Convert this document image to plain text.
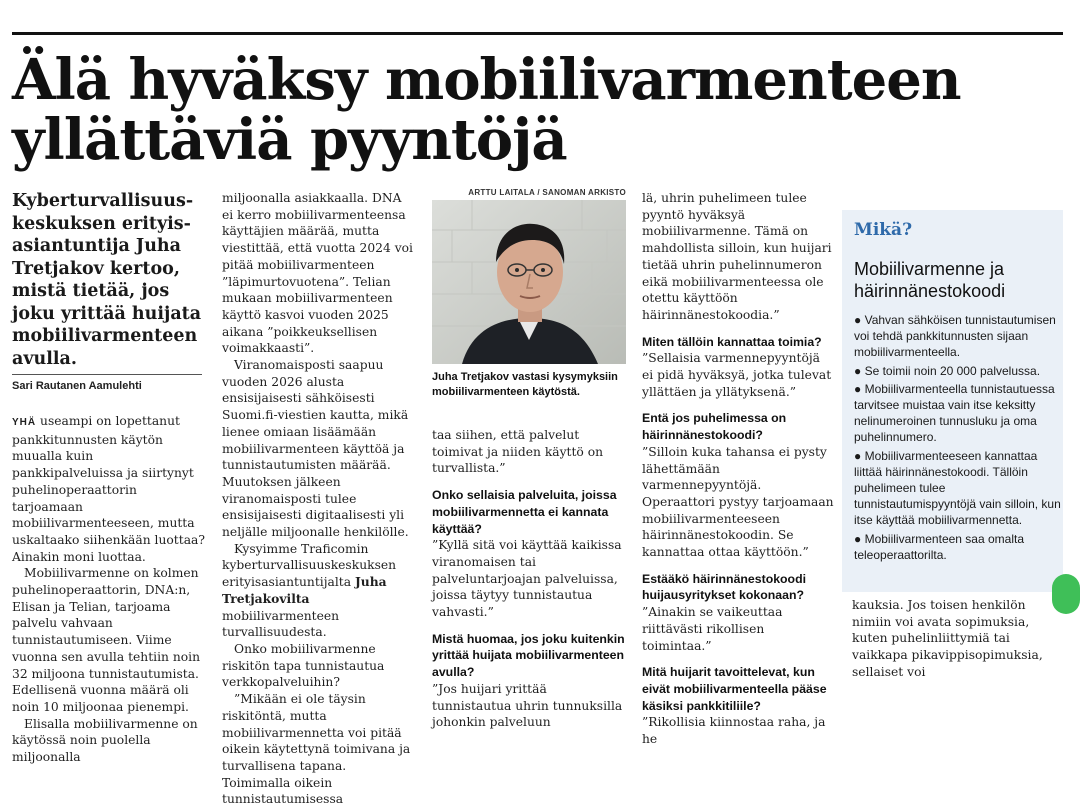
Älä hyväksy mobiilivarmenteen yllättäviä pyyntöjä
Kyberturvallisuuskeskuksen erityisasiantuntija Juha Tretjakov kertoo, mistä tietää, jos joku yrittää huijata mobiilivarmenteen avulla.
Sari Rautanen Aamulehti

YHÄ useampi on lopettanut pankkitunnusten käytön muualla kuin pankkipalveluissa ja siirtynyt puhelinoperaattorin tarjoamaan mobiilivarmenteeseen, mutta uskaltaako siihenkään luottaa? Ainakin moni luottaa.

Mobiilivarmenne on kolmen puhelinoperaattorin, DNA:n, Elisan ja Telian, tarjoama palvelu vahvaan tunnistautumiseen. Viime vuonna sen avulla tehtiin noin 32 miljoona tunnistautumista. Edellisenä vuonna määrä oli noin 10 miljoonaa pienempi.

Elisalla mobiilivarmenne on käytössä noin puolella miljoonalla

miljoonalla asiakkaalla. DNA ei kerro mobiilivarmenteensa käyttäjien määrää, mutta viestittää, että vuotta 2024 voi pitää mobiilivarmenteen ”läpimurtovuotena”. Telian mukaan mobiilivarmenteen käyttö kasvoi vuoden 2025 aikana ”poikkeuksellisen voimakkaasti”.

Viranomaisposti saapuu vuoden 2026 alusta ensisijaisesti sähköisesti Suomi.fi-viestien kautta, mikä lienee omiaan lisäämään mobiilivarmenteen käyttöä ja tunnistautumisten määrää. Muutoksen jälkeen viranomaisposti tulee ensisijaisesti digitaalisesti yli neljälle miljoonalle henkilölle.

Kysyimme Traficomin kyberturvallisuuskeskuksen erityisasiantuntijalta Juha Tretjakovilta mobiilivarmenteen turvallisuudesta.

Onko mobiilivarmenne riskitön tapa tunnistautua verkkopalveluihin?

”Mikään ei ole täysin riskitöntä, mutta mobiilivarmennetta voi pitää oikein käytettynä toimivana ja turvallisena tapana. Toimimalla oikein tunnistautumisessa

ARTTU LAITALA / SANOMAN ARKISTO
Juha Tretjakov vastasi kysymyksiin mobiilivarmenteen käytöstä.

taa siihen, että palvelut toimivat ja niiden käyttö on turvallista.”

Onko sellaisia palveluita, joissa mobiilivarmennetta ei kannata käyttää?

”Kyllä sitä voi käyttää kaikissa viranomaisen tai palveluntarjoajan palveluissa, joissa täytyy tunnistautua vahvasti.”

Mistä huomaa, jos joku kuitenkin yrittää huijata mobiilivarmenteen avulla?

”Jos huijari yrittää tunnistautua uhrin tunnuksilla johonkin palveluun

lä, uhrin puhelimeen tulee pyyntö hyväksyä mobiilivarmenne. Tämä on mahdollista silloin, kun huijari tietää uhrin puhelinnumeron eikä mobiilivarmenteessa ole otettu käyttöön häirinnänestokoodia.”

Miten tällöin kannattaa toimia?

”Sellaisia varmennepyyntöjä ei pidä hyväksyä, jotka tulevat yllättäen ja yllätyksenä.”

Entä jos puhelimessa on häirinnänestokoodi?

”Silloin kuka tahansa ei pysty lähettämään varmennepyyntöjä. Operaattori pystyy tarjoamaan mobiilivarmenteeseen häirinnänestokoodin. Se kannattaa ottaa käyttöön.”

Estääkö häirinnänestokoodi huijausyritykset kokonaan?

”Ainakin se vaikeuttaa riittävästi rikollisen toimintaa.”

Mitä huijarit tavoittelevat, kun eivät mobiilivarmenteella pääse käsiksi pankkitiliile?

”Rikollisia kiinnostaa raha, ja he

Mikä?
Mobiilivarmenne ja häirinnänestokoodi
● Vahvan sähköisen tunnistautumisen voi tehdä pankkitunnusten sijaan mobiilivarmenteella.
● Se toimii noin 20 000 palvelussa.
● Mobiilivarmenteella tunnistautuessa tarvitsee muistaa vain itse keksitty nelinumeroinen tunnusluku ja oma puhelinnumero.
● Mobiilivarmenteeseen kannattaa liittää häirinnänestokoodi. Tällöin puhelimeen tulee tunnistautumispyyntöjä vain silloin, kun itse käyttää mobiilivarmennetta.
● Mobiilivarmenteen saa omalta teleoperaattorilta.

kauksia. Jos toisen henkilön nimiin voi avata sopimuksia, kuten puhelinliittymiä tai vaikkapa pikavippisopimuksia, sellaiset voi
